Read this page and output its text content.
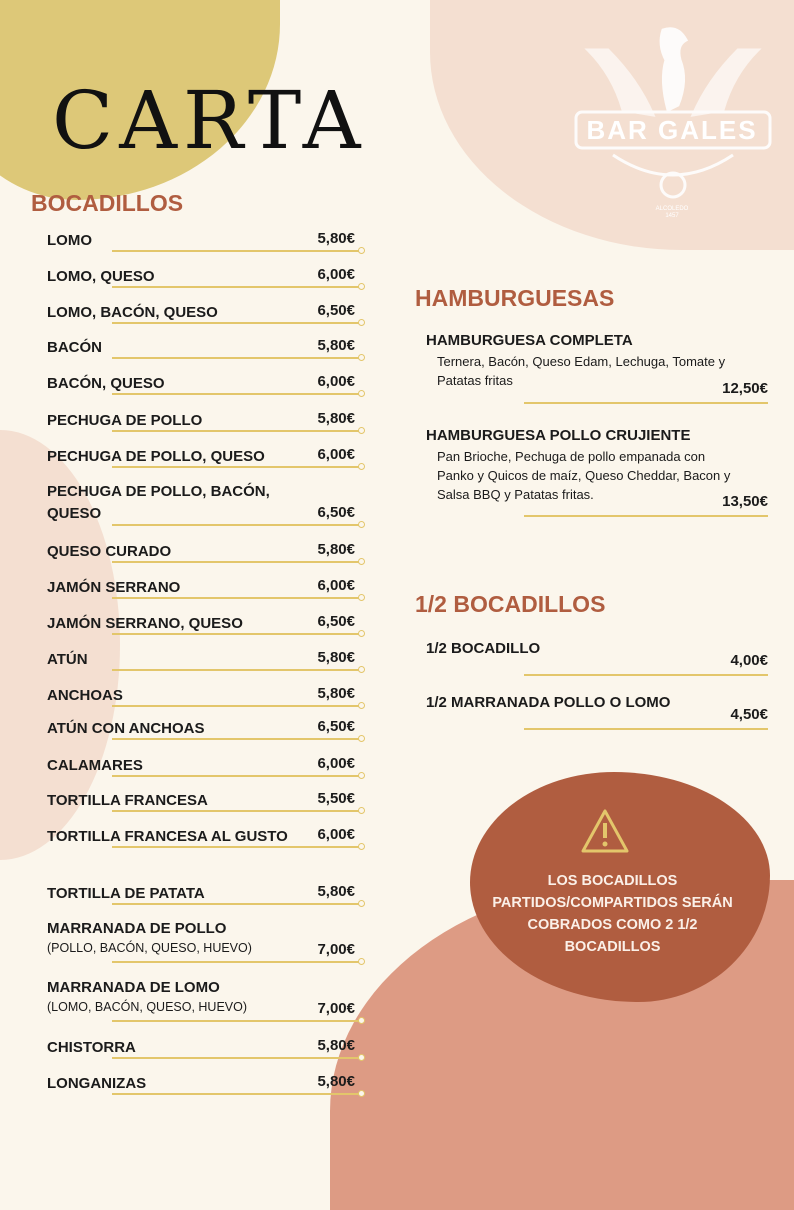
BAR GALES
ALCOLEDO
1457
CARTA
BOCADILLOS
LOMO	5,80€
LOMO, QUESO	6,00€
LOMO, BACÓN, QUESO	6,50€
BACÓN	5,80€
BACÓN, QUESO	6,00€
PECHUGA DE POLLO	5,80€
PECHUGA DE POLLO, QUESO	6,00€
PECHUGA DE POLLO, BACÓN, QUESO	6,50€
QUESO CURADO	5,80€
JAMÓN SERRANO	6,00€
JAMÓN SERRANO, QUESO	6,50€
ATÚN	5,80€
ANCHOAS	5,80€
ATÚN CON ANCHOAS	6,50€
CALAMARES	6,00€
TORTILLA FRANCESA	5,50€
TORTILLA FRANCESA AL GUSTO	6,00€
TORTILLA DE PATATA	5,80€
MARRANADA DE POLLO
(POLLO, BACÓN, QUESO, HUEVO)	7,00€
MARRANADA DE LOMO
(LOMO, BACÓN, QUESO, HUEVO)	7,00€
CHISTORRA	5,80€
LONGANIZAS	5,80€
HAMBURGUESAS
HAMBURGUESA COMPLETA
Ternera, Bacón, Queso Edam, Lechuga, Tomate y Patatas fritas	12,50€
HAMBURGUESA POLLO CRUJIENTE
Pan Brioche, Pechuga de pollo empanada con Panko y Quicos de maíz, Queso Cheddar, Bacon y Salsa BBQ y Patatas fritas.	13,50€
1/2 BOCADILLOS
1/2 BOCADILLO
4,00€
1/2 MARRANADA POLLO O LOMO
4,50€
LOS BOCADILLOS PARTIDOS/COMPARTIDOS SERÁN COBRADOS COMO 2 1/2 BOCADILLOS
